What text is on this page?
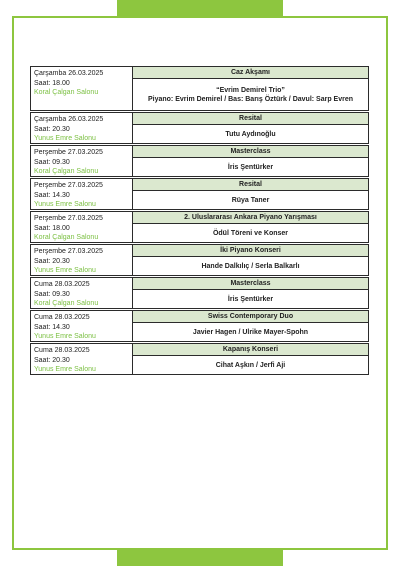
Çarşamba 26.03.2025
Saat: 18.00
Koral Çalgan Salonu
Caz Akşamı
“Evrim Demirel Trio”
Piyano: Evrim Demirel / Bas: Barış Öztürk / Davul: Sarp Evren
Çarşamba 26.03.2025
Saat: 20.30
Yunus Emre Salonu
Resital
Tutu Aydınoğlu
Perşembe 27.03.2025
Saat: 09.30
Koral Çalgan Salonu
Masterclass
İris Şentürker
Perşembe 27.03.2025
Saat: 14.30
Yunus Emre Salonu
Resital
Rüya Taner
Perşembe 27.03.2025
Saat: 18.00
Koral Çalgan Salonu
2. Uluslararası Ankara Piyano Yarışması
Ödül Töreni ve Konser
Perşembe 27.03.2025
Saat: 20.30
Yunus Emre Salonu
İki Piyano Konseri
Hande Dalkılıç / Serla Balkarlı
Cuma 28.03.2025
Saat: 09.30
Koral Çalgan Salonu
Masterclass
İris Şentürker
Cuma 28.03.2025
Saat: 14.30
Yunus Emre Salonu
Swiss Contemporary Duo
Javier Hagen / Ulrike Mayer-Spohn
Cuma 28.03.2025
Saat: 20.30
Yunus Emre Salonu
Kapanış Konseri
Cihat Aşkın / Jerfi Aji
